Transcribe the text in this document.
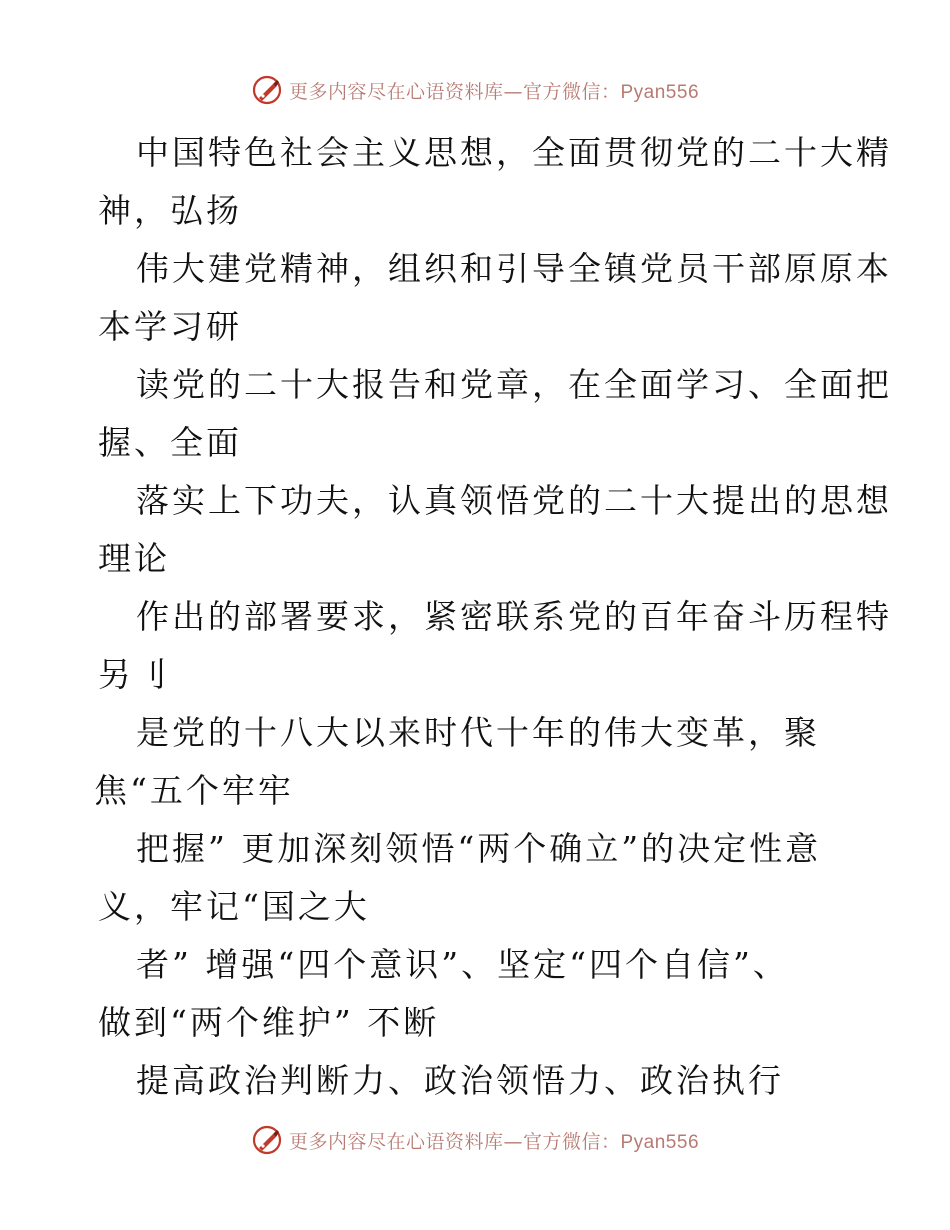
更多内容尽在心语资料库—官方微信：Pyan556
中国特色社会主义思想，全面贯彻党的二十大精
神，弘扬
伟大建党精神，组织和引导全镇党员干部原原本
本学习研
读党的二十大报告和党章，在全面学习、全面把
握、全面
落实上下功夫，认真领悟党的二十大提出的思想
理论
作出的部署要求，紧密联系党的百年奋斗历程特
另刂
是党的十八大以来时代十年的伟大变革，聚
焦“五个牢牢
把握” 更加深刻领悟“两个确立”的决定性意
义，牢记“国之大
者” 增强“四个意识”、坚定“四个自信”、
做到“两个维护” 不断
提高政治判断力、政治领悟力、政治执行
更多内容尽在心语资料库—官方微信：Pyan556
